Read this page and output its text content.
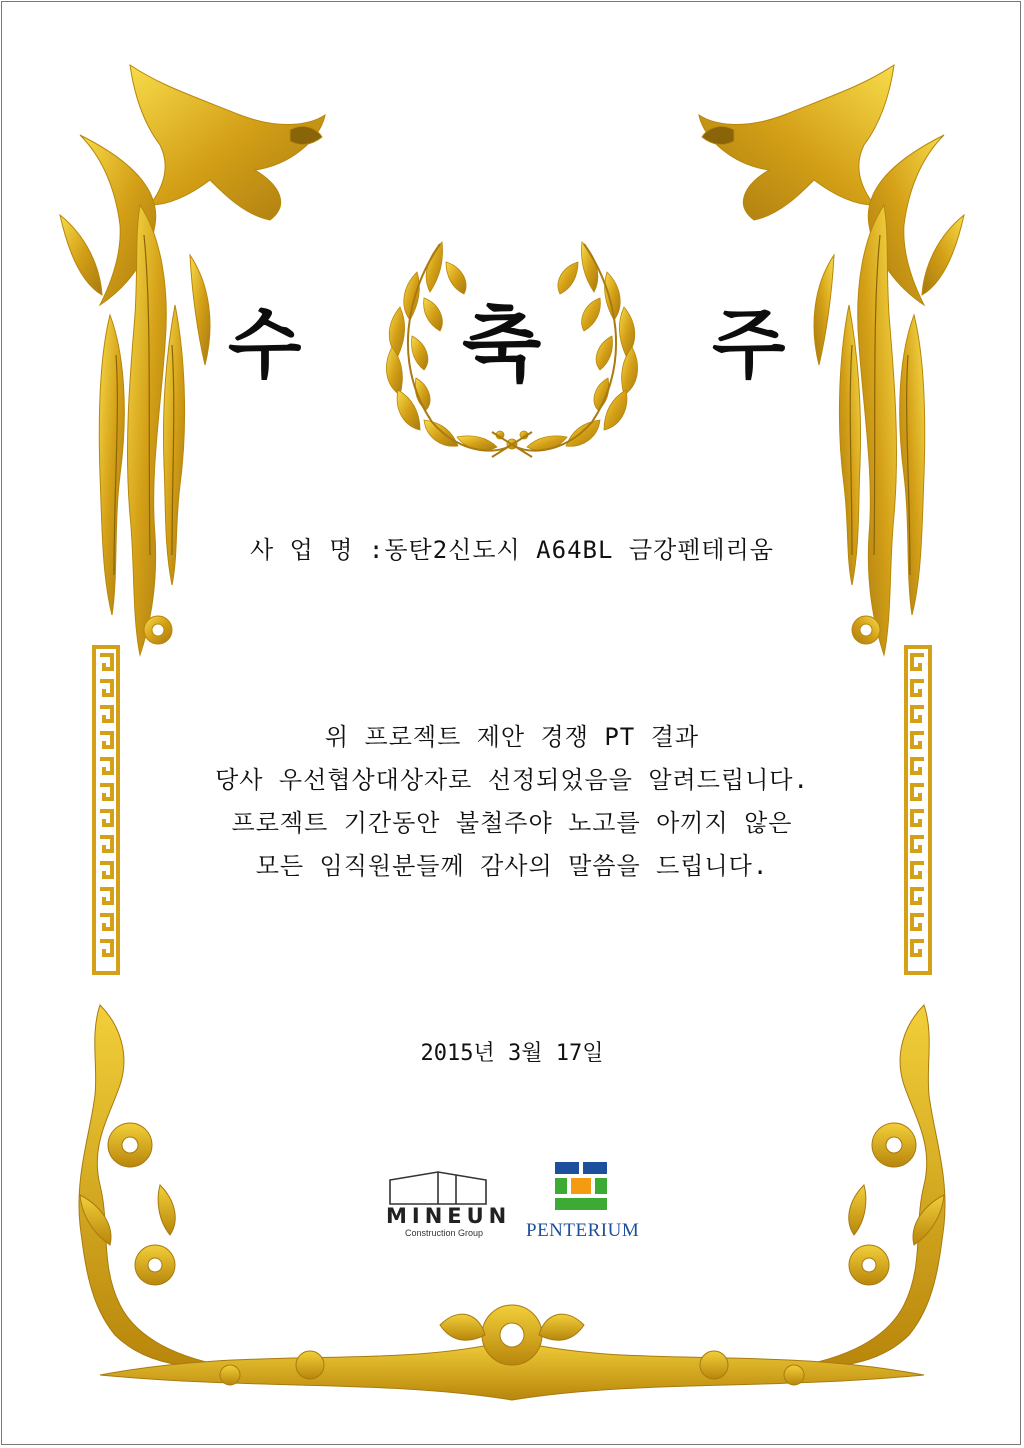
수 축 주
사 업 명 :동탄2신도시 A64BL 금강펜테리움
위 프로젝트 제안 경쟁 PT 결과
당사 우선협상대상자로 선정되었음을 알려드립니다.
프로젝트 기간동안 불철주야 노고를 아끼지 않은
모든 임직원분들께 감사의 말씀을 드립니다.
2015년 3월 17일
MINEUN
Construction Group	PENTERIUM
